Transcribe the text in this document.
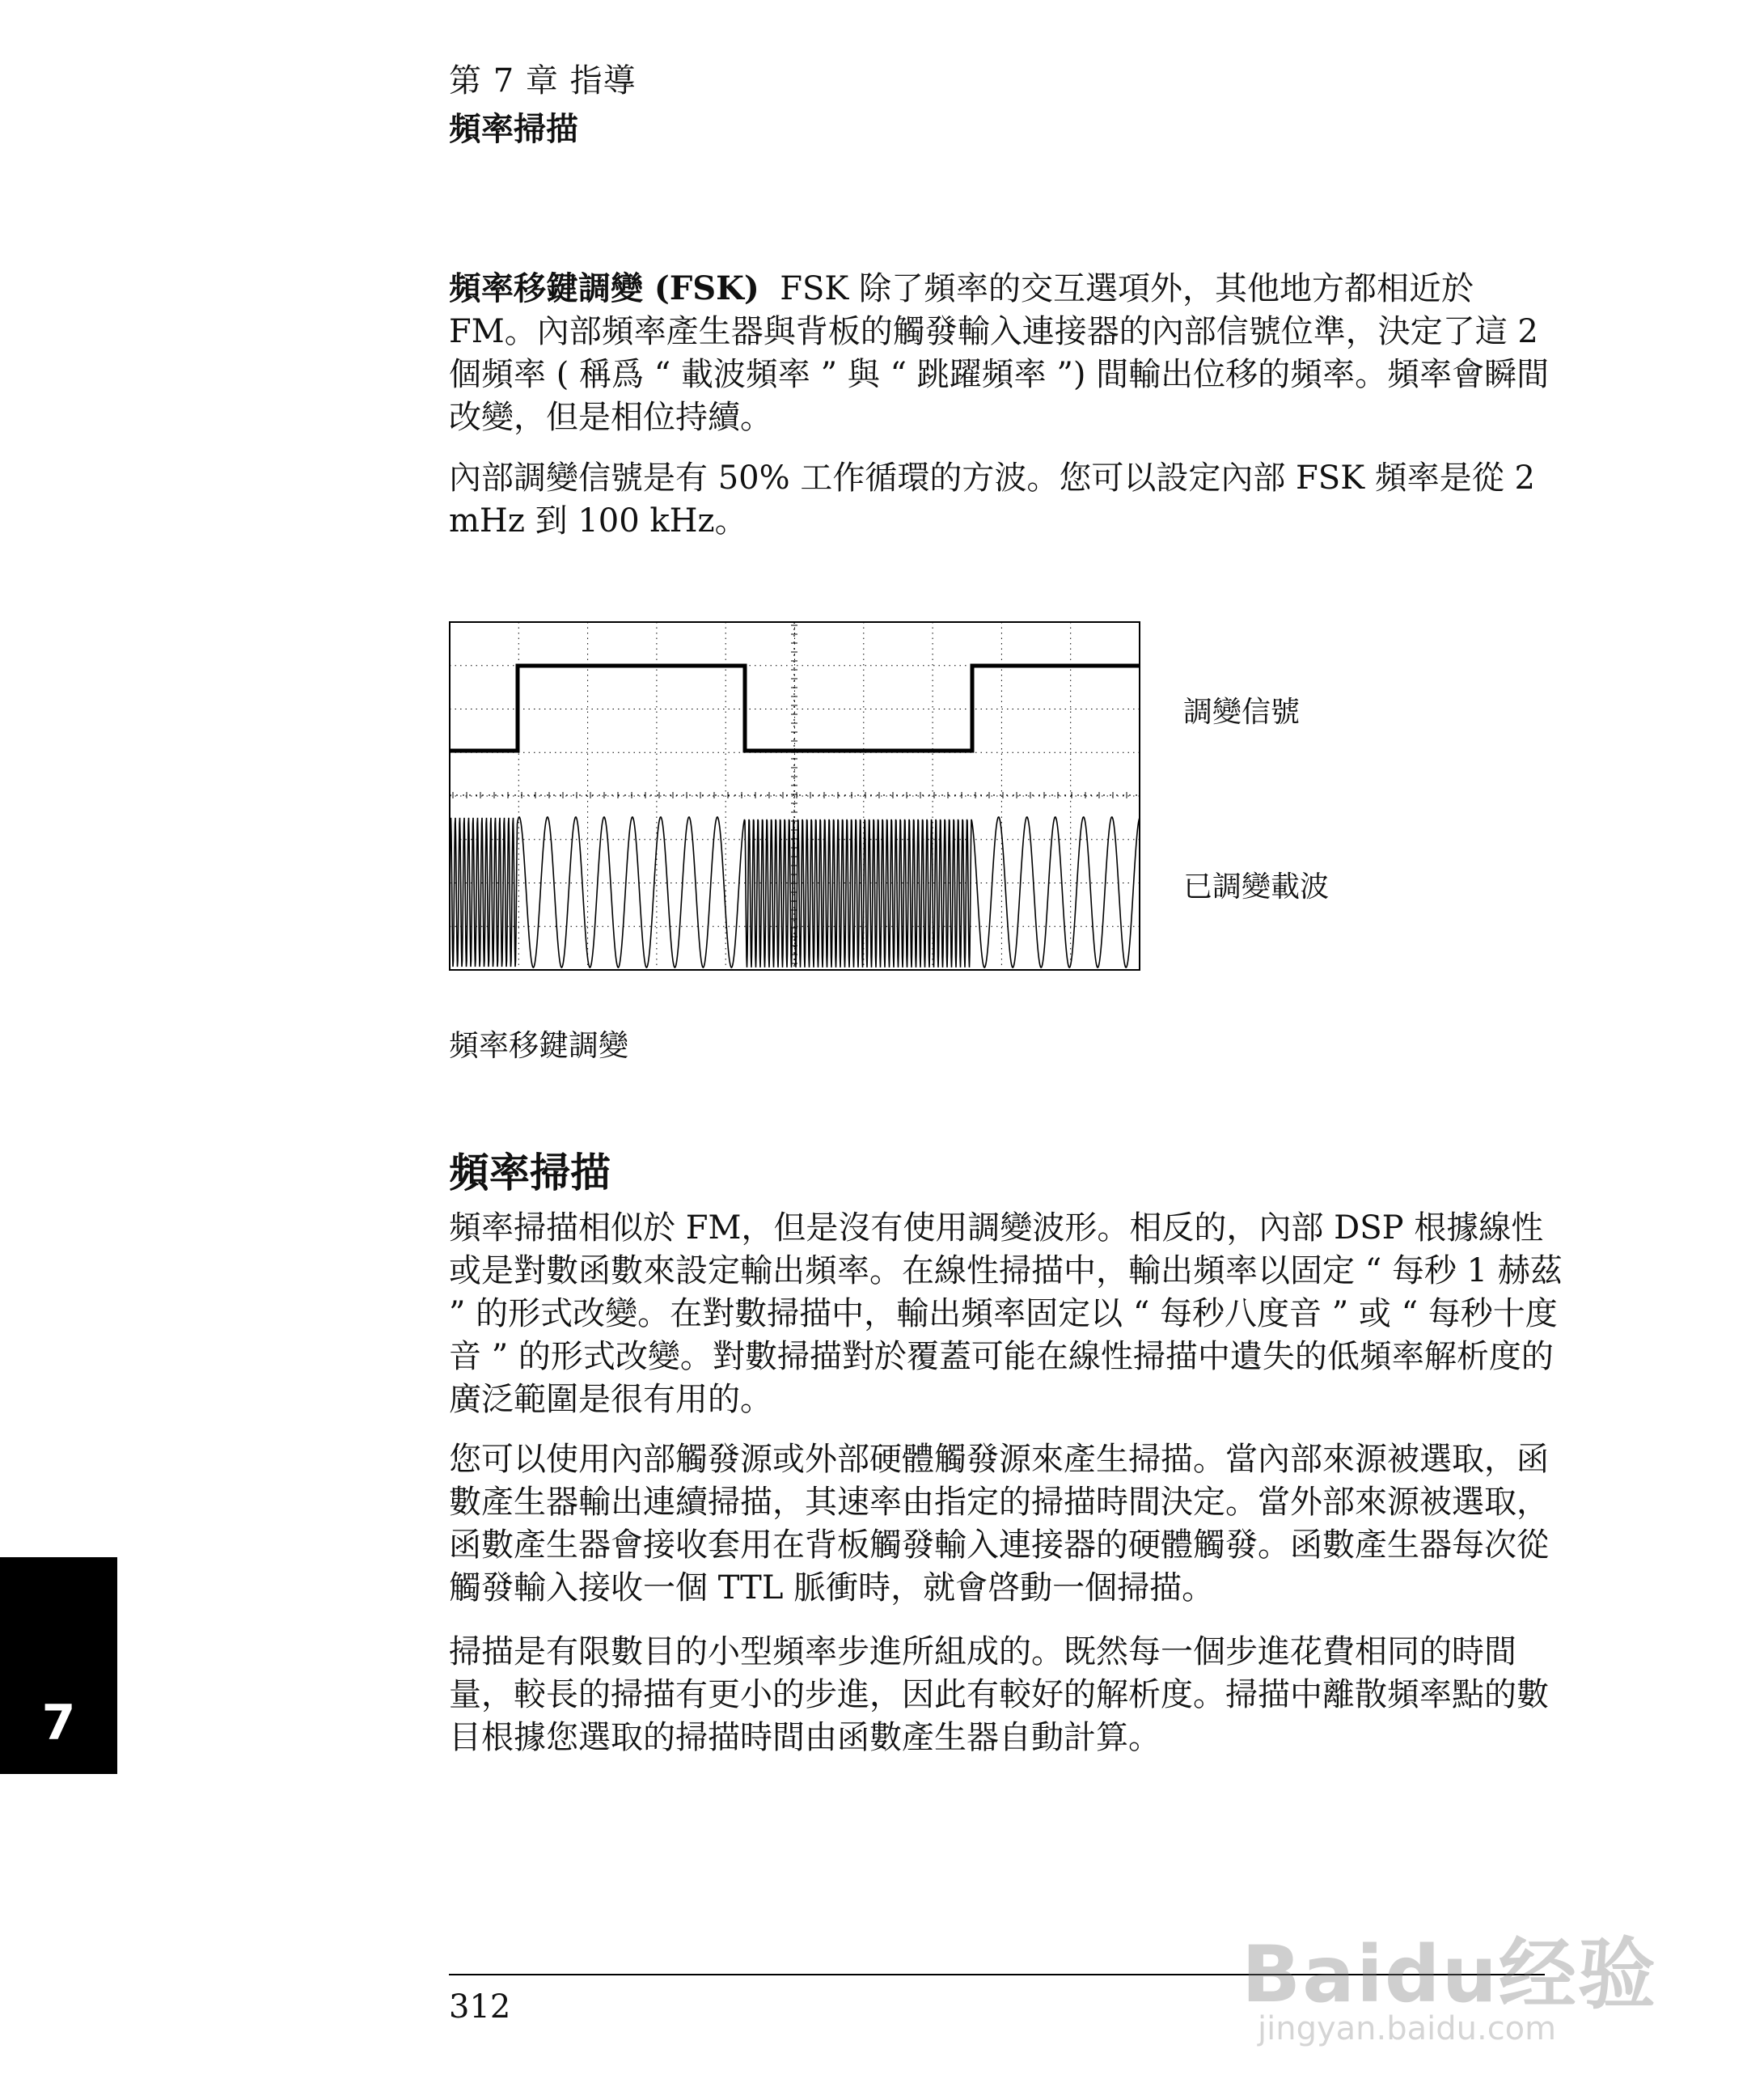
第 7 章 指導
頻率掃描
頻率移鍵調變 (FSK) FSK 除了頻率的交互選項外，其他地方都相近於 FM。內部頻率產生器與背板的觸發輸入連接器的內部信號位準，決定了這 2 個頻率 ( 稱爲 “ 載波頻率 ” 與 “ 跳躍頻率 ”) 間輸出位移的頻率。頻率會瞬間改變，但是相位持續。
內部調變信號是有 50% 工作循環的方波。您可以設定內部 FSK 頻率是從 2 mHz 到 100 kHz。
調變信號
已調變載波
頻率移鍵調變
頻率掃描
頻率掃描相似於 FM，但是沒有使用調變波形。相反的，內部 DSP 根據線性或是對數函數來設定輸出頻率。在線性掃描中，輸出頻率以固定 “ 每秒 1 赫茲 ” 的形式改變。在對數掃描中，輸出頻率固定以 “ 每秒八度音 ” 或 “ 每秒十度音 ” 的形式改變。對數掃描對於覆蓋可能在線性掃描中遺失的低頻率解析度的廣泛範圍是很有用的。
您可以使用內部觸發源或外部硬體觸發源來產生掃描。當內部來源被選取，函數產生器輸出連續掃描，其速率由指定的掃描時間決定。當外部來源被選取，函數產生器會接收套用在背板觸發輸入連接器的硬體觸發。函數產生器每次從觸發輸入接收一個 TTL 脈衝時，就會啓動一個掃描。
掃描是有限數目的小型頻率步進所組成的。既然每一個步進花費相同的時間量，較長的掃描有更小的步進，因此有較好的解析度。掃描中離散頻率點的數目根據您選取的掃描時間由函數產生器自動計算。
7
312	Baidu经验
jingyan.baidu.com
